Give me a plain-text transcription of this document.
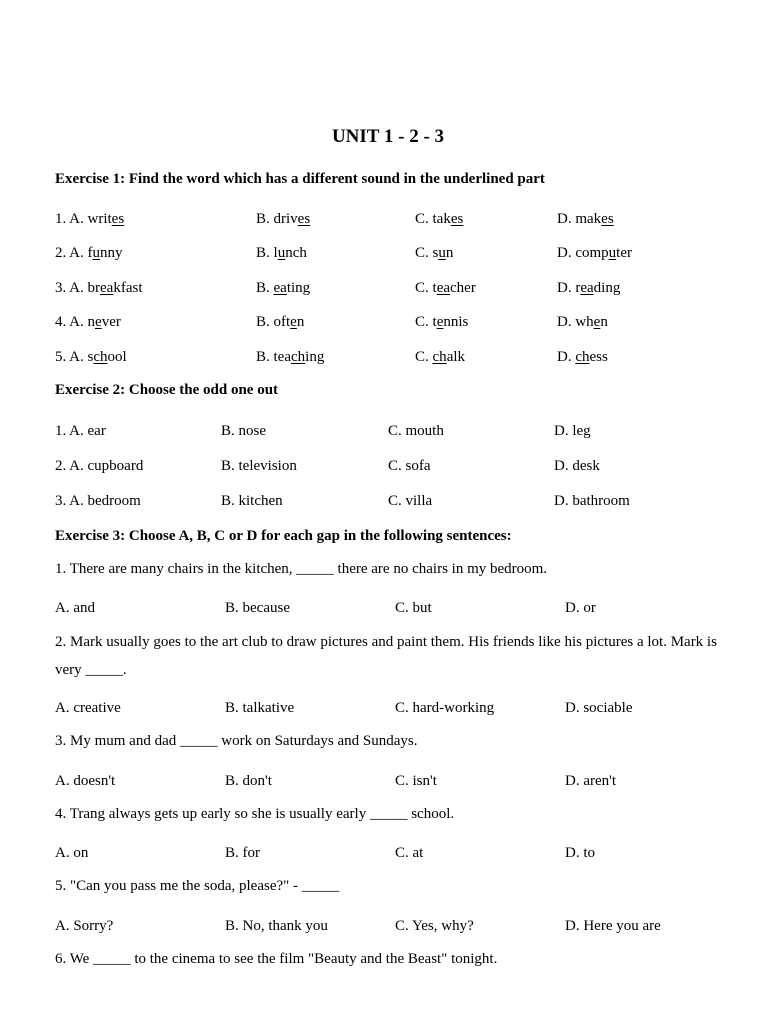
UNIT 1 - 2 - 3
Exercise 1: Find the word which has a different sound in the underlined part
1. A. writes	B. drives	C. takes	D. makes
2. A. funny	B. lunch	C. sun	D. computer
3. A. breakfast	B. eating	C. teacher	D. reading
4. A. never	B. often	C. tennis	D. when
5. A. school	B. teaching	C. chalk	D. chess
Exercise 2: Choose the odd one out
1. A. ear	B. nose	C. mouth	D. leg
2. A. cupboard	B. television	C. sofa	D. desk
3. A. bedroom	B. kitchen	C. villa	D. bathroom
Exercise 3: Choose A, B, C or D for each gap in the following sentences:
1. There are many chairs in the kitchen, _____ there are no chairs in my bedroom.
A. and	B. because	C. but	D. or
2. Mark usually goes to the art club to draw pictures and paint them. His friends like his pictures a lot. Mark is very _____.
A. creative	B. talkative	C. hard-working	D. sociable
3. My mum and dad _____ work on Saturdays and Sundays.
A. doesn't	B. don't	C. isn't	D. aren't
4. Trang always gets up early so she is usually early _____ school.
A. on	B. for	C. at	D. to
5. "Can you pass me the soda, please?" - _____
A. Sorry?	B. No, thank you	C. Yes, why?	D. Here you are
6. We _____ to the cinema to see the film "Beauty and the Beast" tonight.
